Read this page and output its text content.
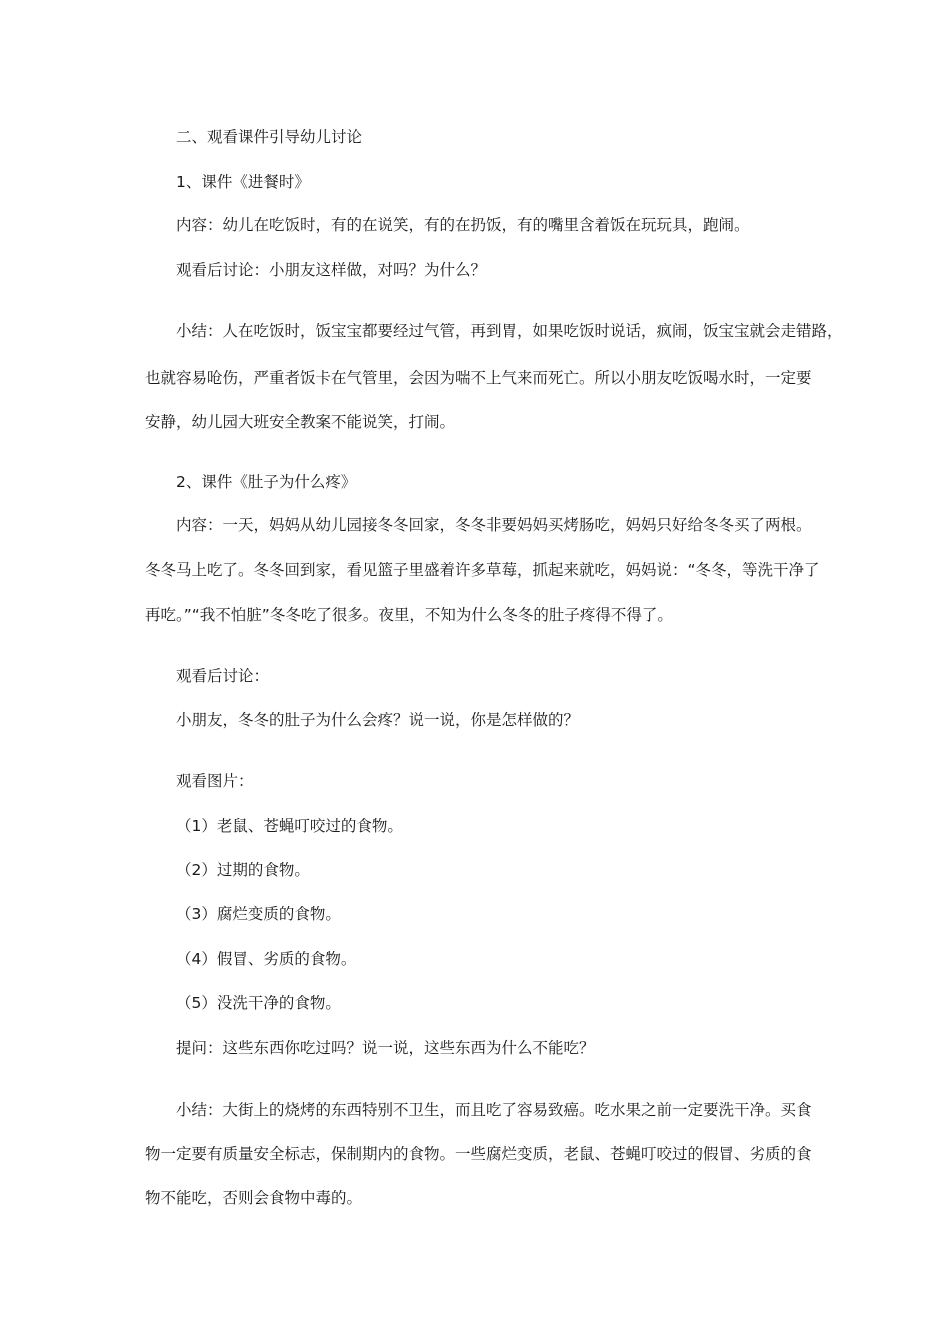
二、观看课件引导幼儿讨论
1、课件《进餐时》
内容：幼儿在吃饭时，有的在说笑，有的在扔饭，有的嘴里含着饭在玩玩具，跑闹。
观看后讨论：小朋友这样做，对吗？为什么？
小结：人在吃饭时，饭宝宝都要经过气管，再到胃，如果吃饭时说话，疯闹，饭宝宝就会走错路，
也就容易呛伤，严重者饭卡在气管里，会因为喘不上气来而死亡。所以小朋友吃饭喝水时，一定要
安静，幼儿园大班安全教案不能说笑，打闹。
2、课件《肚子为什么疼》
内容：一天，妈妈从幼儿园接冬冬回家，冬冬非要妈妈买烤肠吃，妈妈只好给冬冬买了两根。
冬冬马上吃了。冬冬回到家，看见篮子里盛着许多草莓，抓起来就吃，妈妈说：“冬冬，等洗干净了
再吃。”“我不怕脏”冬冬吃了很多。夜里，不知为什么冬冬的肚子疼得不得了。
观看后讨论：
小朋友，冬冬的肚子为什么会疼？说一说，你是怎样做的？
观看图片：
（1）老鼠、苍蝇叮咬过的食物。
（2）过期的食物。
（3）腐烂变质的食物。
（4）假冒、劣质的食物。
（5）没洗干净的食物。
提问：这些东西你吃过吗？说一说，这些东西为什么不能吃？
小结：大街上的烧烤的东西特别不卫生，而且吃了容易致癌。吃水果之前一定要洗干净。买食
物一定要有质量安全标志，保制期内的食物。一些腐烂变质，老鼠、苍蝇叮咬过的假冒、劣质的食
物不能吃，否则会食物中毒的。
